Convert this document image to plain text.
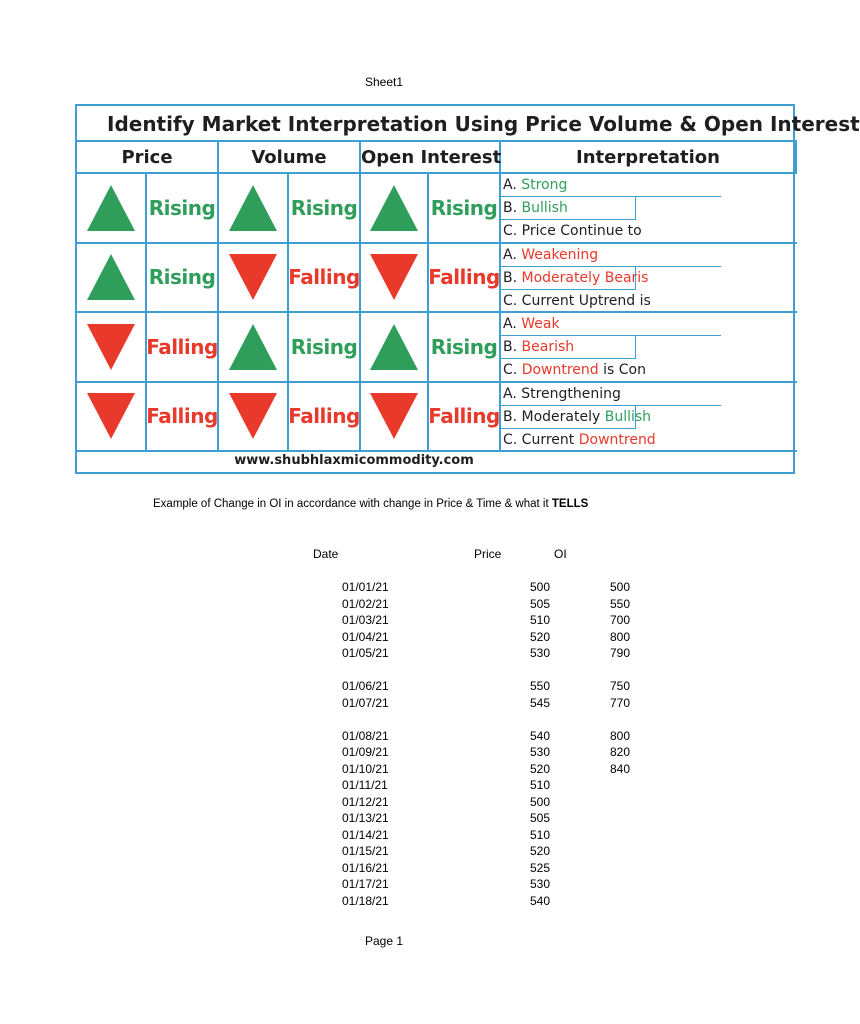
Sheet1
Identify Market Interpretation Using Price Volume & Open Interest
Price	Volume	Open Interest	Interpretation
Rising	Rising	Rising
A. Strong
B. Bullish
C. Price Continue to
Rising	Falling	Falling
A. Weakening
B. Moderately Bearis
C. Current Uptrend is
Falling	Rising	Rising
A. Weak
B. Bearish
C. Downtrend is Con
Falling	Falling	Falling
A. Strengthening
B. Moderately Bullish
C. Current Downtrend
www.shubhlaxmicommodity.com
Example of Change in OI in accordance with change in Price & Time & what it TELLS
Date	Price	OI
01/01/21	500	500
01/02/21	505	550
01/03/21	510	700
01/04/21	520	800
01/05/21	530	790
01/06/21	550	750
01/07/21	545	770
01/08/21	540	800
01/09/21	530	820
01/10/21	520	840
01/11/21	510
01/12/21	500
01/13/21	505
01/14/21	510
01/15/21	520
01/16/21	525
01/17/21	530
01/18/21	540
Page 1
